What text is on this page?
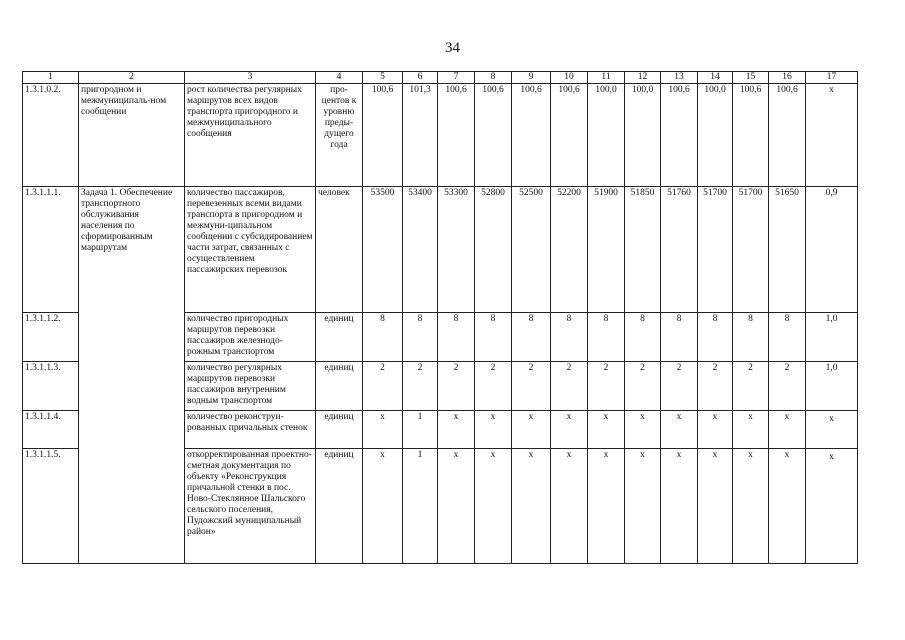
34
1	2	3	4	5	6	7	8	9	10	11	12	13	14	15	16	17
1.3.1.0.2.	пригородном и межмуниципаль-ном сообщении	рост количества регулярных маршрутов всех видов транспорта пригородного и межмуниципального сообщения	про-центов к уровню преды-дущего года	100,6	101,3	100,6	100,6	100,6	100,6	100,0	100,0	100,6	100,0	100,6	100,6	х
1.3.1.1.1.	Задача 1. Обеспечение транспортного обслуживания населения по сформированным маршрутам	количество пассажиров, перевезенных всеми видами транспорта в пригородном и межмуни-ципальном сообщении с субсидированием части затрат, связанных с осуществлением пассажирских перевозок	человек	53500	53400	53300	52800	52500	52200	51900	51850	51760	51700	51700	51650	0,9
1.3.1.1.2.		количество пригородных маршрутов перевозки пассажиров железнодо-рожным транспортом	единиц	8	8	8	8	8	8	8	8	8	8	8	8	1,0
1.3.1.1.3.		количество регулярных маршрутов перевозки пассажиров внутренним водным транспортом	единиц	2	2	2	2	2	2	2	2	2	2	2	2	1,0
1.3.1.1.4.		количество реконструи-рованных причальных стенок	единиц	х	1	х	х	х	х	х	х	х	х	х	х	х
1.3.1.1.5.		откорректированная проектно-сметная документация по объекту «Реконструкция причальной стенки в пос. Ново-Стеклянное Шальского сельского поселения, Пудожский муниципальный район»	единиц	х	1	х	х	х	х	х	х	х	х	х	х	х
